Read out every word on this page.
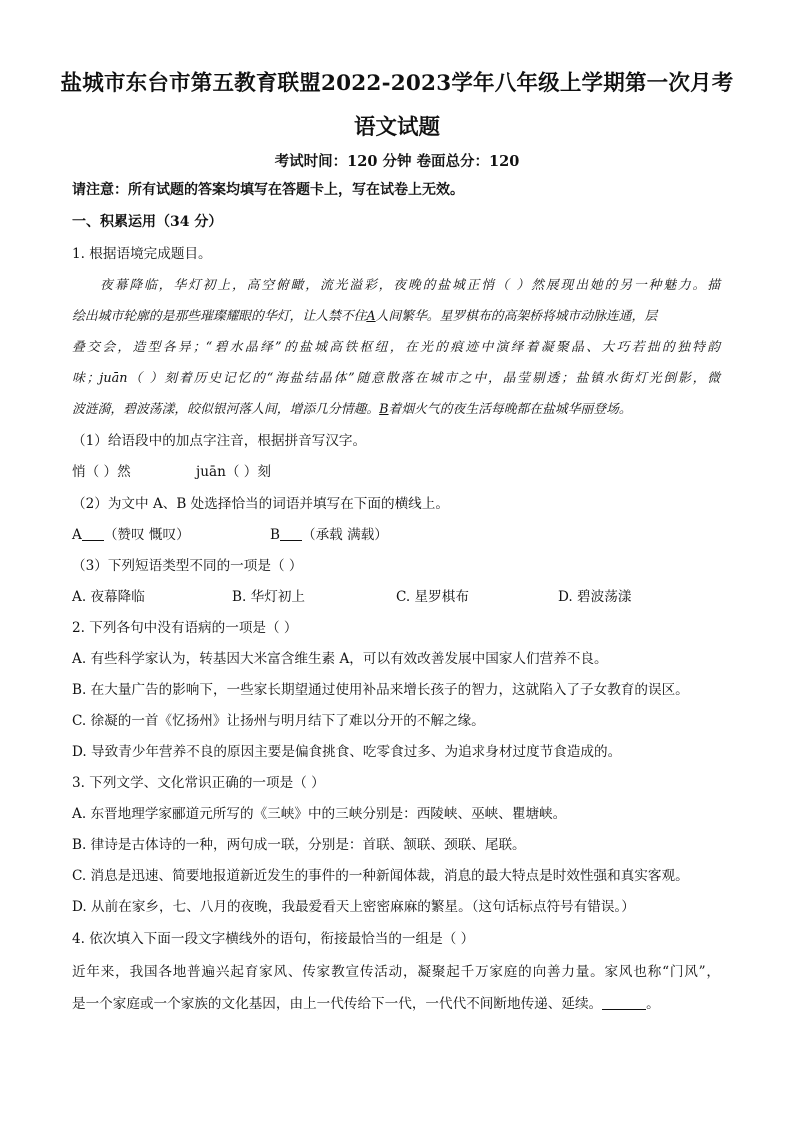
盐城市东台市第五教育联盟2022-2023学年八年级上学期第一次月考
语文试题
考试时间：120 分钟 卷面总分：120
请注意：所有试题的答案均填写在答题卡上，写在试卷上无效。
一、积累运用（34 分）
1. 根据语境完成题目。
夜幕降临，华灯初上，高空俯瞰，流光溢彩，夜晚的盐城正悄（ ）然展现出她的另一种魅力。描
绘出城市轮廓的是那些璀璨耀眼的华灯，让人禁不住A人间繁华。星罗棋布的高架桥将城市动脉连通，层
叠交会，造型各异；“碧水晶绎”的盐城高铁枢纽，在光的痕迹中演绎着凝聚晶、大巧若拙的独特韵
味；juān（ ）刻着历史记忆的“海盐结晶体”随意散落在城市之中，晶莹剔透；盐镇水街灯光倒影，微
波涟漪，碧波荡漾，皎似银河落人间，增添几分情趣。B着烟火气的夜生活每晚都在盐城华丽登场。
（1）给语段中的加点字注音，根据拼音写汉字。
悄（ ）然	juān（ ）刻
（2）为文中 A、B 处选择恰当的词语并填写在下面的横线上。
A （赞叹 慨叹）	B （承载 满载）
（3）下列短语类型不同的一项是（ ）
A. 夜幕降临	B. 华灯初上	C. 星罗棋布	D. 碧波荡漾
2. 下列各句中没有语病的一项是（ ）
A. 有些科学家认为，转基因大米富含维生素 A，可以有效改善发展中国家人们营养不良。
B. 在大量广告的影响下，一些家长期望通过使用补品来增长孩子的智力，这就陷入了子女教育的误区。
C. 徐凝的一首《忆扬州》让扬州与明月结下了难以分开的不解之缘。
D. 导致青少年营养不良的原因主要是偏食挑食、吃零食过多、为追求身材过度节食造成的。
3. 下列文学、文化常识正确的一项是（ ）
A. 东晋地理学家郦道元所写的《三峡》中的三峡分别是：西陵峡、巫峡、瞿塘峡。
B. 律诗是古体诗的一种，两句成一联，分别是：首联、颔联、颈联、尾联。
C. 消息是迅速、简要地报道新近发生的事件的一种新闻体裁，消息的最大特点是时效性强和真实客观。
D. 从前在家乡，七、八月的夜晚，我最爱看天上密密麻麻的繁星。（这句话标点符号有错误。）
4. 依次填入下面一段文字横线外的语句，衔接最恰当的一组是（ ）
近年来，我国各地普遍兴起育家风、传家教宣传活动，凝聚起千万家庭的向善力量。家风也称“门风”，
是一个家庭或一个家族的文化基因，由上一代传给下一代，一代代不间断地传递、延续。	。
